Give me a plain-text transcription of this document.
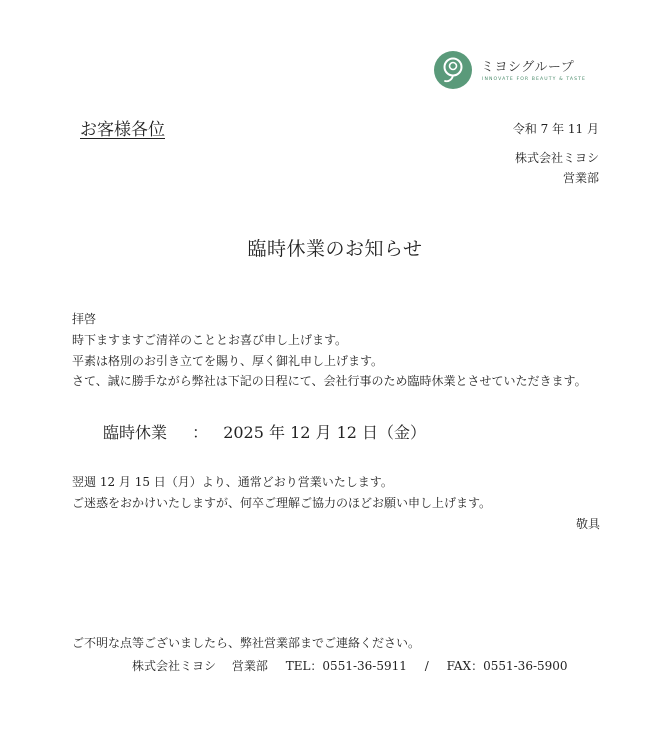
ミヨシグループ
INNOVATE FOR BEAUTY & TASTE
お客様各位	令和 7 年 11 月
株式会社ミヨシ
営業部
臨時休業のお知らせ
拝啓
時下ますますご清祥のこととお喜び申し上げます。
平素は格別のお引き立てを賜り、厚く御礼申し上げます。
さて、誠に勝手ながら弊社は下記の日程にて、会社行事のため臨時休業とさせていただきます。
臨時休業 ： 2025 年 12 月 12 日（金）
翌週 12 月 15 日（月）より、通常どおり営業いたします。
ご迷惑をおかけいたしますが、何卒ご理解ご協力のほどお願い申し上げます。
敬具
ご不明な点等ございましたら、弊社営業部までご連絡ください。
株式会社ミヨシ 営業部 TEL：0551-36-5911 / FAX：0551-36-5900
